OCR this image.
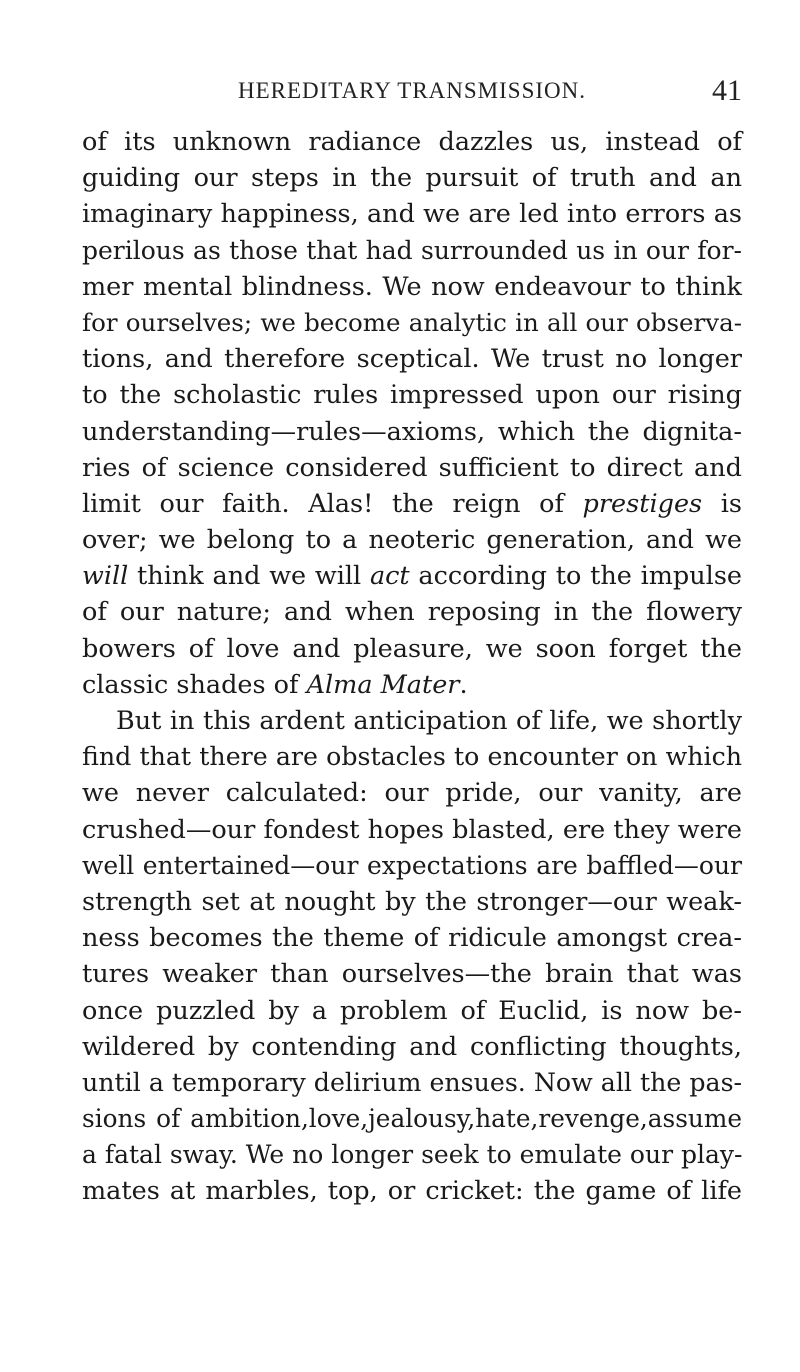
HEREDITARY TRANSMISSION.	41
of its unknown radiance dazzles us, instead of
guiding our steps in the pursuit of truth and an
imaginary happiness, and we are led into errors as
perilous as those that had surrounded us in our for-
mer mental blindness. We now endeavour to think
for ourselves; we become analytic in all our observa-
tions, and therefore sceptical. We trust no longer
to the scholastic rules impressed upon our rising
understanding—rules—axioms, which the dignita-
ries of science considered sufficient to direct and
limit our faith. Alas! the reign of prestiges is
over; we belong to a neoteric generation, and we
will think and we will act according to the impulse
of our nature; and when reposing in the flowery
bowers of love and pleasure, we soon forget the
classic shades of Alma Mater.
But in this ardent anticipation of life, we shortly
find that there are obstacles to encounter on which
we never calculated: our pride, our vanity, are
crushed—our fondest hopes blasted, ere they were
well entertained—our expectations are baffled—our
strength set at nought by the stronger—our weak-
ness becomes the theme of ridicule amongst crea-
tures weaker than ourselves—the brain that was
once puzzled by a problem of Euclid, is now be-
wildered by contending and conflicting thoughts,
until a temporary delirium ensues. Now all the pas-
sions of ambition,love,jealousy,hate,revenge,assume
a fatal sway. We no longer seek to emulate our play-
mates at marbles, top, or cricket: the game of life
